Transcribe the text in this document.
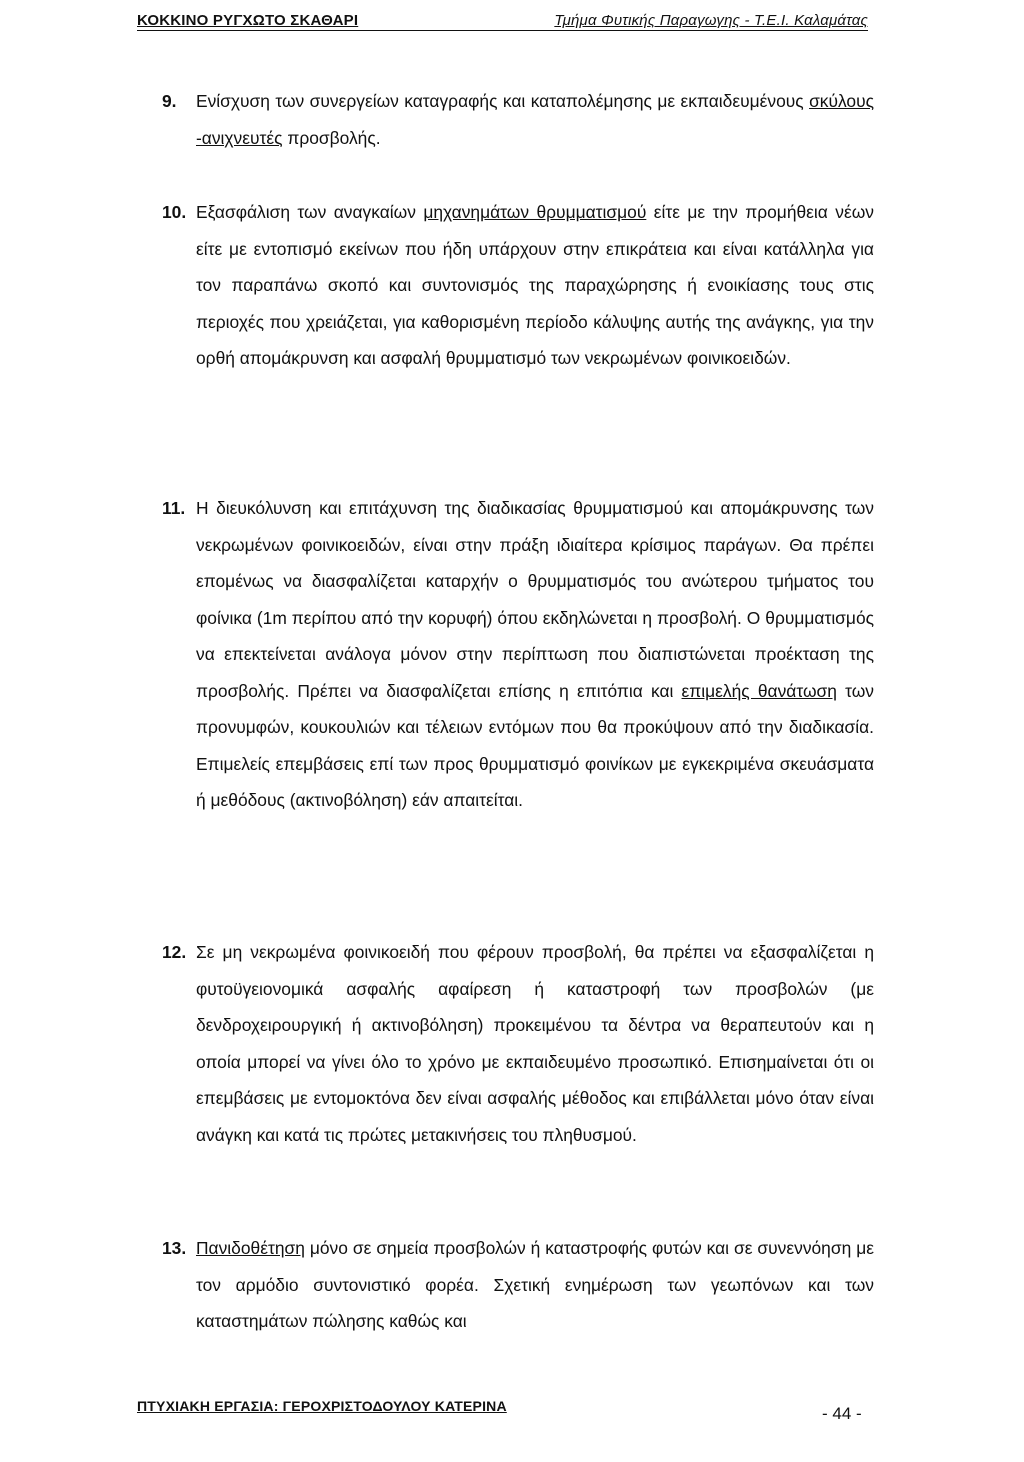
ΚΟΚΚΙΝΟ ΡΥΓΧΩΤΟ ΣΚΑΘΑΡΙ	Τμήμα Φυτικής Παραγωγης - Τ.Ε.Ι. Καλαμάτας
9. Ενίσχυση των συνεργείων καταγραφής και καταπολέμησης με εκπαιδευμένους σκύλους -ανιχνευτές προσβολής.
10. Εξασφάλιση των αναγκαίων μηχανημάτων θρυμματισμού είτε με την προμήθεια νέων είτε με εντοπισμό εκείνων που ήδη υπάρχουν στην επικράτεια και είναι κατάλληλα για τον παραπάνω σκοπό και συντονισμός της παραχώρησης ή ενοικίασης τους στις περιοχές που χρειάζεται, για καθορισμένη περίοδο κάλυψης αυτής της ανάγκης, για την ορθή απομάκρυνση και ασφαλή θρυμματισμό των νεκρωμένων φοινικοειδών.
11. Η διευκόλυνση και επιτάχυνση της διαδικασίας θρυμματισμού και απομάκρυνσης των νεκρωμένων φοινικοειδών, είναι στην πράξη ιδιαίτερα κρίσιμος παράγων. Θα πρέπει επομένως να διασφαλίζεται καταρχήν ο θρυμματισμός του ανώτερου τμήματος του φοίνικα (1m περίπου από την κορυφή) όπου εκδηλώνεται η προσβολή. Ο θρυμματισμός να επεκτείνεται ανάλογα μόνον στην περίπτωση που διαπιστώνεται προέκταση της προσβολής. Πρέπει να διασφαλίζεται επίσης η επιτόπια και επιμελής θανάτωση των προνυμφών, κουκουλιών και τέλειων εντόμων που θα προκύψουν από την διαδικασία. Επιμελείς επεμβάσεις επί των προς θρυμματισμό φοινίκων με εγκεκριμένα σκευάσματα ή μεθόδους (ακτινοβόληση) εάν απαιτείται.
12. Σε μη νεκρωμένα φοινικοειδή που φέρουν προσβολή, θα πρέπει να εξασφαλίζεται η φυτοϋγειονομικά ασφαλής αφαίρεση ή καταστροφή των προσβολών (με δενδροχειρουργική ή ακτινοβόληση) προκειμένου τα δέντρα να θεραπευτούν και η οποία μπορεί να γίνει όλο το χρόνο με εκπαιδευμένο προσωπικό. Επισημαίνεται ότι οι επεμβάσεις με εντομοκτόνα δεν είναι ασφαλής μέθοδος και επιβάλλεται μόνο όταν είναι ανάγκη και κατά τις πρώτες μετακινήσεις του πληθυσμού.
13. Πανιδοθέτηση μόνο σε σημεία προσβολών ή καταστροφής φυτών και σε συνεννόηση με τον αρμόδιο συντονιστικό φορέα. Σχετική ενημέρωση των γεωπόνων και των καταστημάτων πώλησης καθώς και
ΠΤΥΧΙΑΚΗ ΕΡΓΑΣΙΑ: ΓΕΡΟΧΡΙΣΤΟΔΟΥΛΟΥ ΚΑΤΕΡΙΝΑ	- 44 -
